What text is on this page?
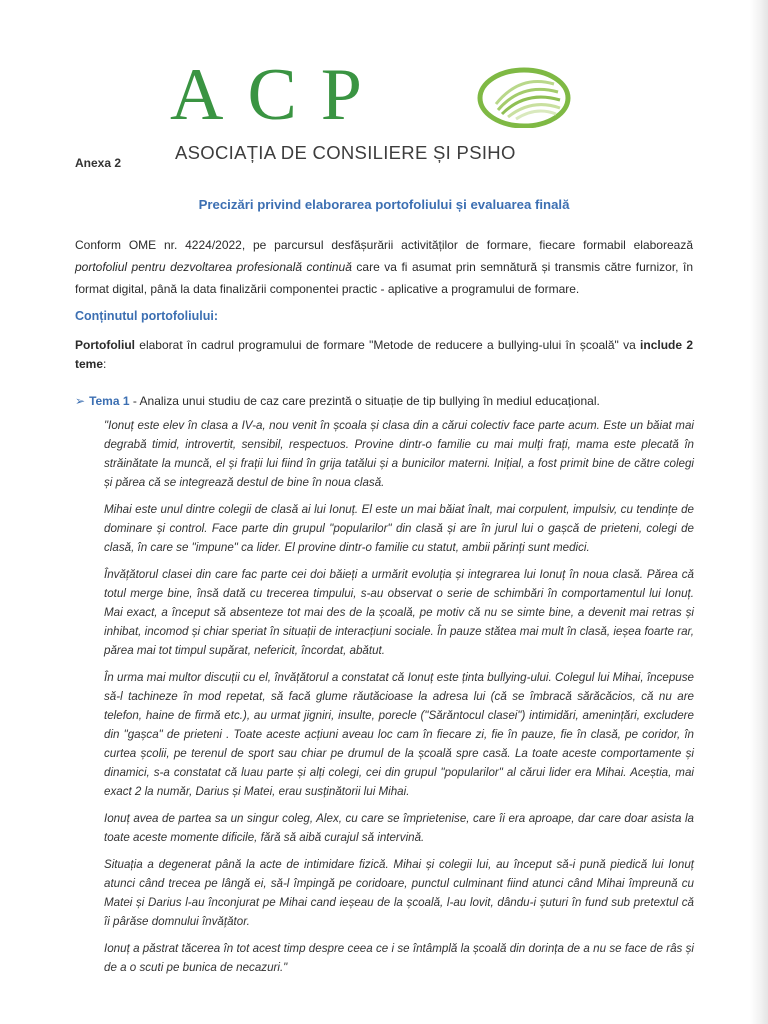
ACP
ASOCIAȚIA DE CONSILIERE ȘI PSIHO
Anexa 2
Precizări privind elaborarea portofoliului și evaluarea finală
Conform OME nr. 4224/2022, pe parcursul desfășurării activităților de formare, fiecare formabil elaborează portofoliul pentru dezvoltarea profesională continuă care va fi asumat prin semnătură și transmis către furnizor, în format digital, până la data finalizării componentei practic - aplicative a programului de formare.
Conținutul portofoliului:
Portofoliul elaborat în cadrul programului de formare "Metode de reducere a bullying-ului în școală" va include 2 teme:
➢ Tema 1 - Analiza unui studiu de caz care prezintă o situație de tip bullying în mediul educațional.

"Ionuț este elev în clasa a IV-a, nou venit în școala și clasa din a cărui colectiv face parte acum. Este un băiat mai degrabă timid, introvertit, sensibil, respectuos. Provine dintr-o familie cu mai mulți frați, mama este plecată în străinătate la muncă, el și frații lui fiind în grija tatălui și a bunicilor materni. Inițial, a fost primit bine de către colegi și părea că se integrează destul de bine în noua clasă.

Mihai este unul dintre colegii de clasă ai lui Ionuț. El este un mai băiat înalt, mai corpulent, impulsiv, cu tendințe de dominare și control. Face parte din grupul "popularilor" din clasă și are în jurul lui o gașcă de prieteni, colegi de clasă, în care se "impune" ca lider. El provine dintr-o familie cu statut, ambii părinți sunt medici.

Învățătorul clasei din care fac parte cei doi băieți a urmărit evoluția și integrarea lui Ionuț în noua clasă. Părea că totul merge bine, însă dată cu trecerea timpului, s-au observat o serie de schimbări în comportamentul lui Ionuț. Mai exact, a început să absenteze tot mai des de la școală, pe motiv că nu se simte bine, a devenit mai retras și inhibat, incomod și chiar speriat în situații de interacțiuni sociale. În pauze stătea mai mult în clasă, ieșea foarte rar, părea mai tot timpul supărat, nefericit, încordat, abătut.

În urma mai multor discuții cu el, învățătorul a constatat că Ionuț este ținta bullying-ului. Colegul lui Mihai, începuse să-l tachineze în mod repetat, să facă glume răutăcioase la adresa lui (că se îmbracă sărăcăcios, că nu are telefon, haine de firmă etc.), au urmat jigniri, insulte, porecle ("Sărăntocul clasei") intimidări, amenințări, excludere din "gașca" de prieteni . Toate aceste acțiuni aveau loc cam în fiecare zi, fie în pauze, fie în clasă, pe coridor, în curtea școlii, pe terenul de sport sau chiar pe drumul de la școală spre casă. La toate aceste comportamente și dinamici, s-a constatat că luau parte și alți colegi, cei din grupul "popularilor" al cărui lider era Mihai. Aceștia, mai exact 2 la număr, Darius și Matei, erau susținătorii lui Mihai.

Ionuț avea de partea sa un singur coleg, Alex, cu care se împrietenise, care îi era aproape, dar care doar asista la toate aceste momente dificile, fără să aibă curajul să intervină.

Situația a degenerat până la acte de intimidare fizică. Mihai și colegii lui, au început să-i pună piedică lui Ionuț atunci când trecea pe lângă ei, să-l împingă pe coridoare, punctul culminant fiind atunci când Mihai împreună cu Matei și Darius l-au înconjurat pe Mihai cand ieșeau de la școală, l-au lovit, dându-i șuturi în fund sub pretextul că îi pârăse domnului învățător.

Ionuț a păstrat tăcerea în tot acest timp despre ceea ce i se întâmplă la școală din dorința de a nu se face de râs și de a o scuti pe bunica de necazuri."
